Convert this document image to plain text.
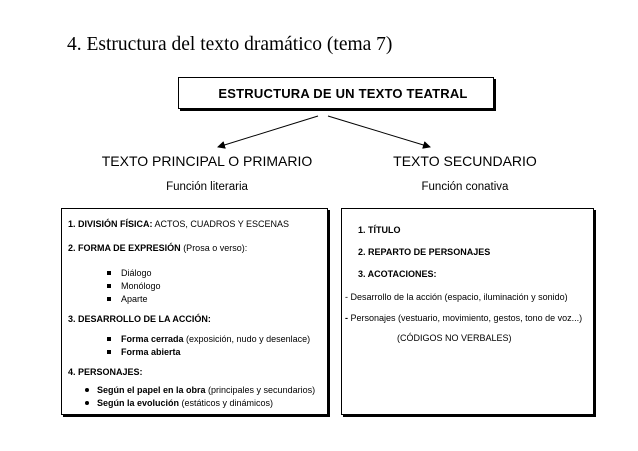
4. Estructura del texto dramático (tema 7)
ESTRUCTURA DE UN TEXTO TEATRAL
TEXTO PRINCIPAL O PRIMARIO
Función literaria
TEXTO SECUNDARIO
Función conativa
1. DIVISIÓN FÍSICA: ACTOS, CUADROS Y ESCENAS
2. FORMA DE EXPRESIÓN (Prosa o verso):
Diálogo
Monólogo
Aparte
3. DESARROLLO DE LA ACCIÓN:
Forma cerrada (exposición, nudo y desenlace)
Forma abierta
4. PERSONAJES:
Según el papel en la obra (principales y secundarios)
Según la evolución (estáticos y dinámicos)
1. TÍTULO
2. REPARTO DE PERSONAJES
3. ACOTACIONES:
- Desarrollo de la acción (espacio, iluminación y sonido)
- Personajes (vestuario, movimiento, gestos, tono de voz...)
(CÓDIGOS NO VERBALES)
